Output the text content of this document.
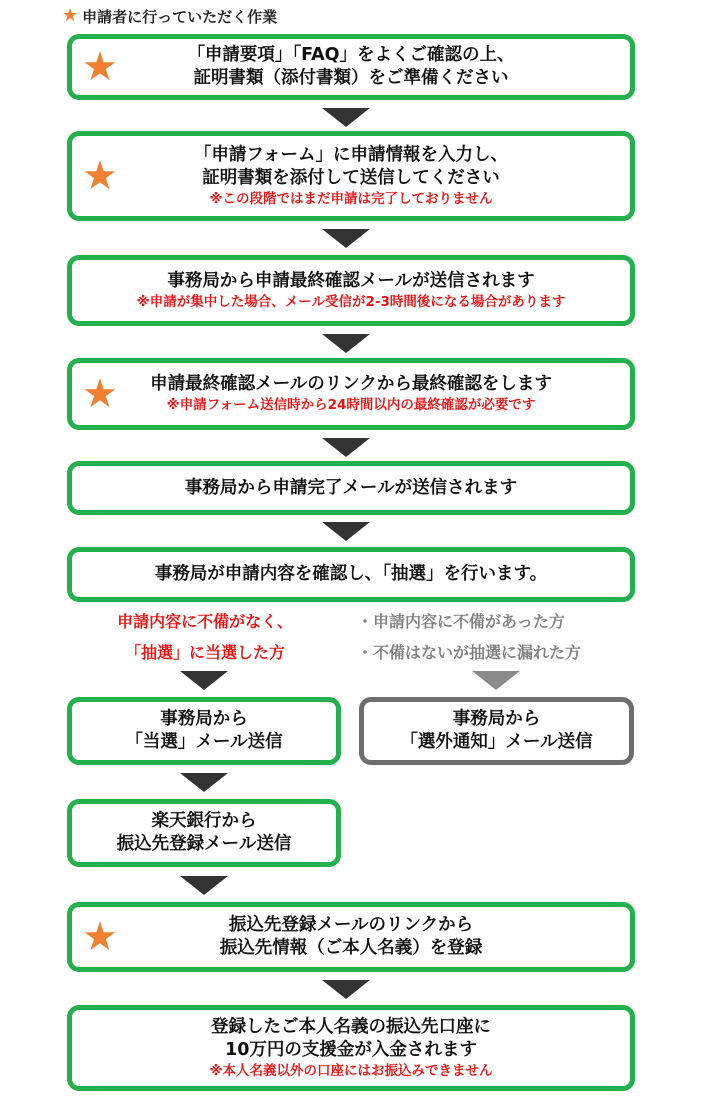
★ 申請者に行っていただく作業
★	「申請要項」「FAQ」をよくご確認の上、
証明書類（添付書類）をご準備ください
★	「申請フォーム」に申請情報を入力し、
証明書類を添付して送信してください
※この段階ではまだ申請は完了しておりません
事務局から申請最終確認メールが送信されます
※申請が集中した場合、メール受信が2-3時間後になる場合があります
★ 申請最終確認メールのリンクから最終確認をします
※申請フォーム送信時から24時間以内の最終確認が必要です
事務局から申請完了メールが送信されます
事務局が申請内容を確認し、「抽選」を行います。
申請内容に不備がなく、
「抽選」に当選した方
・申請内容に不備があった方
・不備はないが抽選に漏れた方
事務局から
「当選」メール送信
事務局から
「選外通知」メール送信
楽天銀行から
振込先登録メール送信
★	振込先登録メールのリンクから
振込先情報（ご本人名義）を登録
登録したご本人名義の振込先口座に
10万円の支援金が入金されます
※本人名義以外の口座にはお振込みできません
